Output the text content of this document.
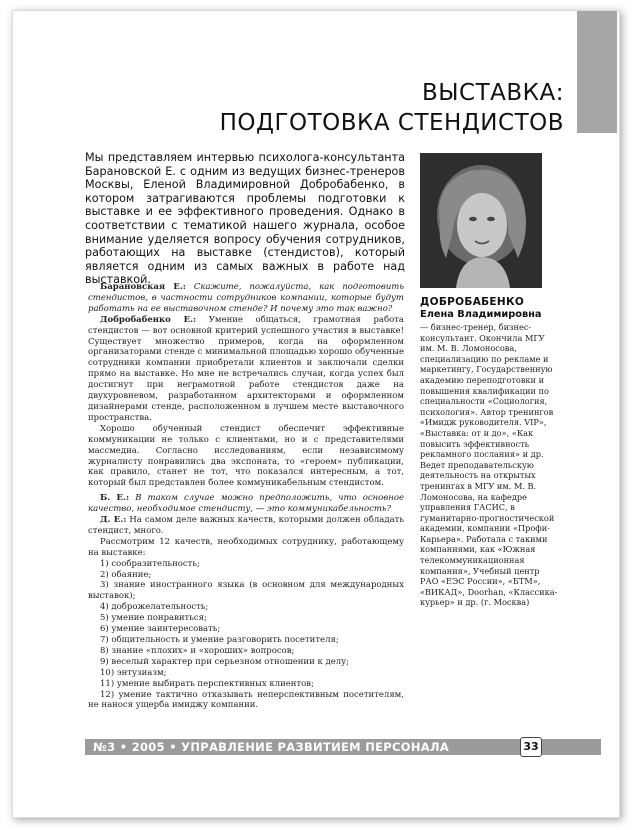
ВЫСТАВКА:
ПОДГОТОВКА СТЕНДИСТОВ
Мы представляем интервью психолога-консультанта Барановской Е. с одним из ведущих бизнес-тренеров Москвы, Еленой Владимировной Добробабенко, в котором затрагиваются проблемы подготовки к выставке и ее эффективного проведения. Однако в соответствии с тематикой нашего журнала, особое внимание уделяется вопросу обучения сотрудников, работающих на выставке (стендистов), который является одним из самых важных в работе над выставкой.
ДОБРОБАБЕНКО
Елена Владимировна
— бизнес-тренер, бизнес-консультант. Окончила МГУ им. М. В. Ломоносова, специализацию по рекламе и маркетингу, Государственную академию переподготовки и повышения квалификации по специальности «Социология, психология». Автор тренингов «Имидж руководителя. VIP», «Выставка: от и до», «Как повысить эффективность рекламного послания» и др. Ведет преподавательскую деятельность на открытых тренингах в МГУ им. М. В. Ломоносова, на кафедре управления ГАСИС, в гуманитарно-прогностической академии, компании «Профи-Карьера». Работала с такими компаниями, как «Южная телекоммуникационная компания», Учебный центр РАО «ЕЭС России», «БТМ», «ВИКАД», Doorhan, «Классика-курьер» и др. (г. Москва)

Барановская Е.: Скажите, пожалуйста, как подготовить стендистов, в частности сотрудников компании, которые будут работать на ее выставочном стенде? И почему это так важно?

Добробабенко Е.: Умение общаться, грамотная работа стендистов — вот основной критерий успешного участия в выставке! Существует множество примеров, когда на оформленном организаторами стенде с минимальной площадью хорошо обученные сотрудники компании приобретали клиентов и заключали сделки прямо на выставке. Но мне не встречались случаи, когда успех был достигнут при неграмотной работе стендистов даже на двухуровневом, разработанном архитекторами и оформленном дизайнерами стенде, расположенном в лучшем месте выставочного пространства.

Хорошо обученный стендист обеспечит эффективные коммуникации не только с клиентами, но и с представителями массмедиа. Согласно исследованиям, если независимому журналисту понравились два экспоната, то «героем» публикации, как правило, станет не тот, что показался интересным, а тот, который был представлен более коммуникабельным стендистом.

Б. Е.: В таком случае можно предположить, что основное качество, необходимое стендисту, — это коммуникабельность?

Д. Е.: На самом деле важных качеств, которыми должен обладать стендист, много.

Рассмотрим 12 качеств, необходимых сотруднику, работающему на выставке:

1) сообразительность;

2) обаяние;

3) знание иностранного языка (в основном для международных выставок);

4) доброжелательность;

5) умение понравиться;

6) умение заинтересовать;

7) общительность и умение разговорить посетителя;

8) знание «плохих» и «хороших» вопросов;

9) веселый характер при серьезном отношении к делу;

10) энтузиазм;

11) умение выбирать перспективных клиентов;

12) умение тактично отказывать неперспективным посетителям, не нанося ущерба имиджу компании.

№3 • 2005 • УПРАВЛЕНИЕ РАЗВИТИЕМ ПЕРСОНАЛА	33
